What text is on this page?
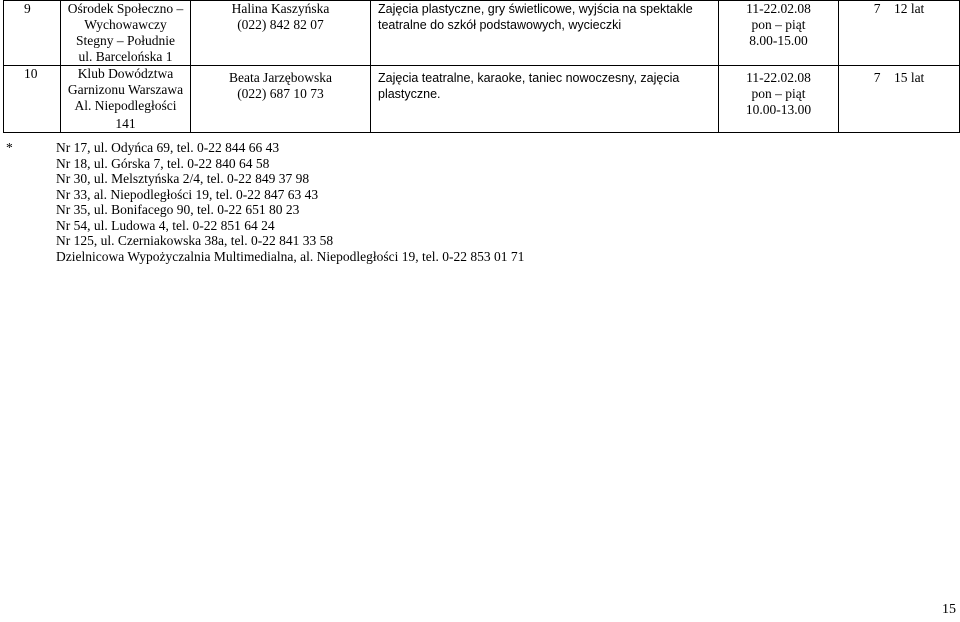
9	Ośrodek Społeczno –
Wychowawczy
Stegny – Południe
ul. Barcelońska 1	Halina Kaszyńska
(022) 842 82 07	Zajęcia plastyczne, gry świetlicowe, wyjścia na spektakle
teatralne do szkół podstawowych, wycieczki	11-22.02.08
pon – piąt
8.00-15.00	7    12 lat
10	Klub Dowództwa
Garnizonu Warszawa
Al. Niepodległości
141	Beata Jarzębowska
(022) 687 10 73	Zajęcia teatralne, karaoke, taniec nowoczesny, zajęcia
plastyczne.	11-22.02.08
pon – piąt
10.00-13.00	7    15 lat
*	Nr 17, ul. Odyńca 69, tel. 0-22 844 66 43
Nr 18, ul. Górska 7, tel. 0-22 840 64 58
Nr 30, ul. Melsztyńska 2/4, tel. 0-22 849 37 98
Nr 33, al. Niepodległości 19, tel. 0-22 847 63 43
Nr 35, ul. Bonifacego 90, tel. 0-22 651 80 23
Nr 54, ul. Ludowa 4, tel. 0-22 851 64 24
Nr 125, ul. Czerniakowska 38a, tel. 0-22 841 33 58
Dzielnicowa Wypożyczalnia Multimedialna, al. Niepodległości 19, tel. 0-22 853 01 71
15
